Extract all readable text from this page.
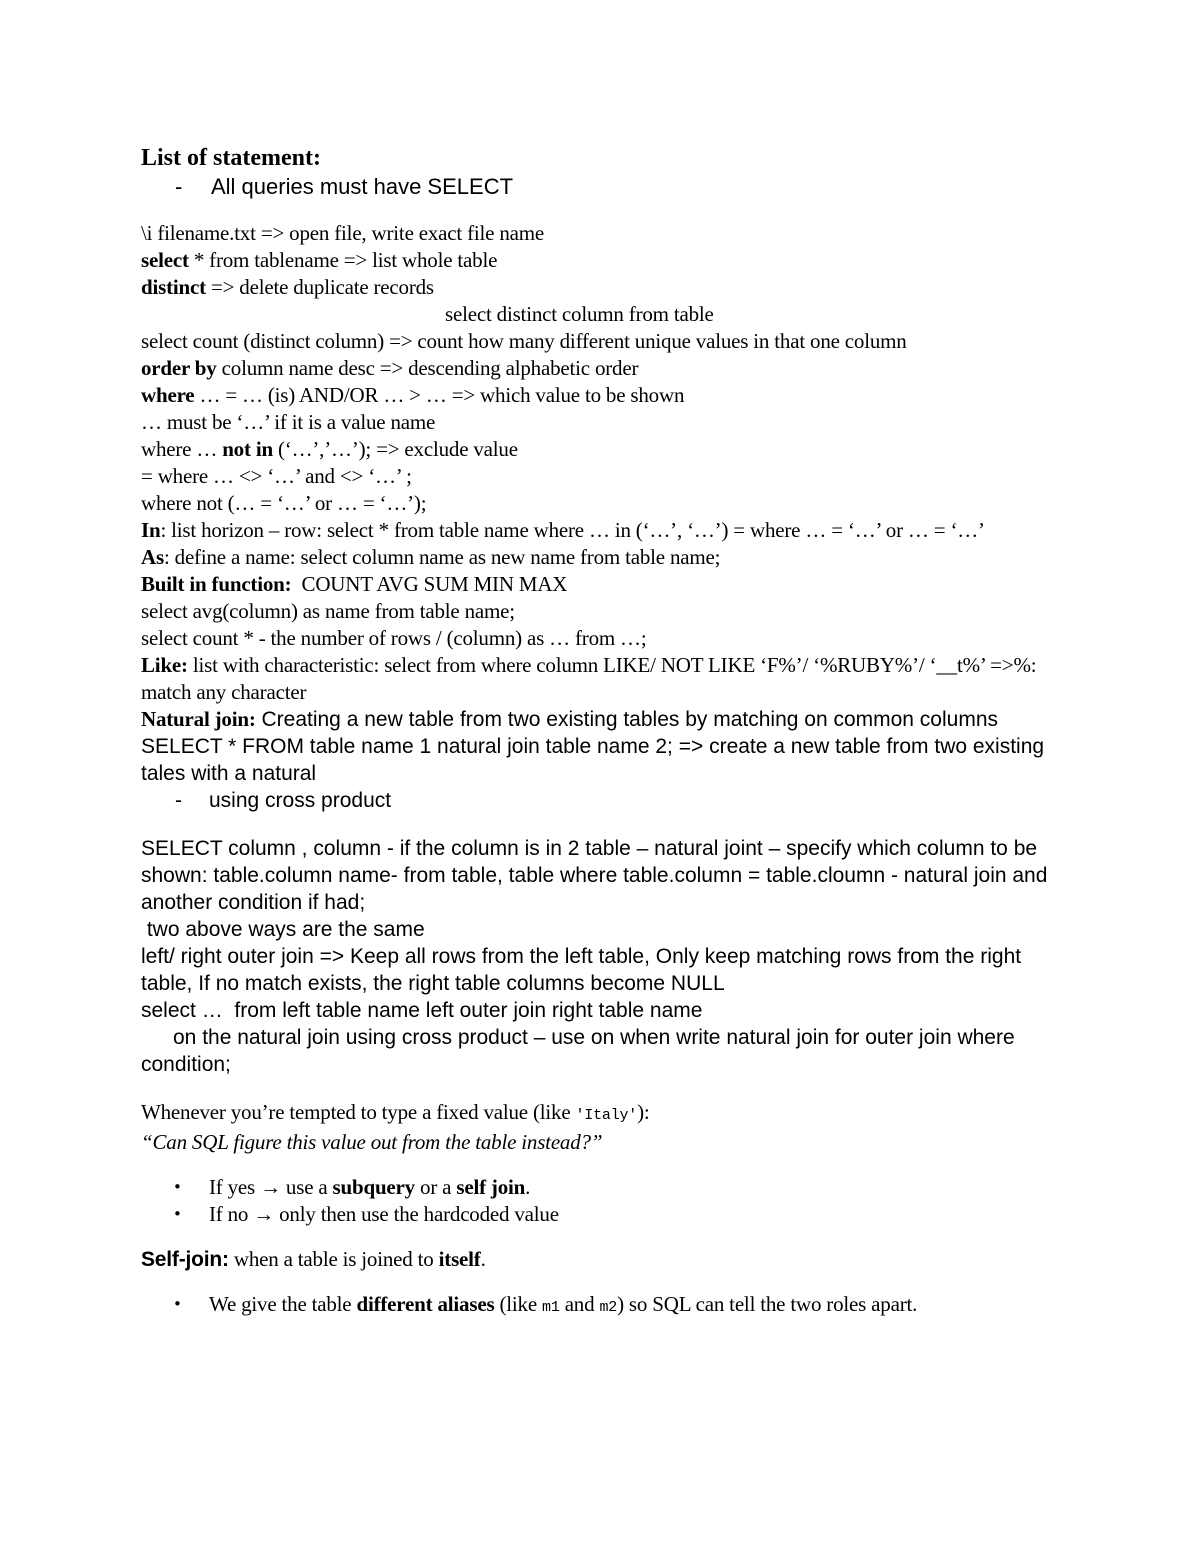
List of statement:
-	All queries must have SELECT
\i filename.txt => open file, write exact file name
select * from tablename => list whole table
distinct => delete duplicate records
select distinct column from table
select count (distinct column) => count how many different unique values in that one column
order by column name desc => descending alphabetic order
where … = … (is) AND/OR … > … => which value to be shown
… must be ‘…’ if it is a value name
where … not in (‘…’,’…’); => exclude value
= where … <> ‘…’ and <> ‘…’ ;
where not (… = ‘…’ or … = ‘…’);
In: list horizon – row: select * from table name where … in (‘…’, ‘…’) = where … = ‘…’ or … = ‘…’
As: define a name: select column name as new name from table name;
Built in function:  COUNT AVG SUM MIN MAX
select avg(column) as name from table name;
select count * - the number of rows / (column) as … from …;
Like: list with characteristic: select from where column LIKE/ NOT LIKE ‘F%’/ ‘%RUBY%’/ ‘__t%’ =>%: match any character
Natural join: Creating a new table from two existing tables by matching on common columns
SELECT * FROM table name 1 natural join table name 2; => create a new table from two existing tales with a natural
-	using cross product
SELECT column , column - if the column is in 2 table – natural joint – specify which column to be shown: table.column name- from table, table where table.column = table.cloumn - natural join and another condition if had;
two above ways are the same
left/ right outer join => Keep all rows from the left table, Only keep matching rows from the right table, If no match exists, the right table columns become NULL
select …  from left table name left outer join right table name
on the natural join using cross product – use on when write natural join for outer join where condition;
Whenever you’re tempted to type a fixed value (like 'Italy'):
“Can SQL figure this value out from the table instead?”
•	If yes → use a subquery or a self join.
•	If no → only then use the hardcoded value
Self-join: when a table is joined to itself.
•	We give the table different aliases (like m1 and m2) so SQL can tell the two roles apart.
